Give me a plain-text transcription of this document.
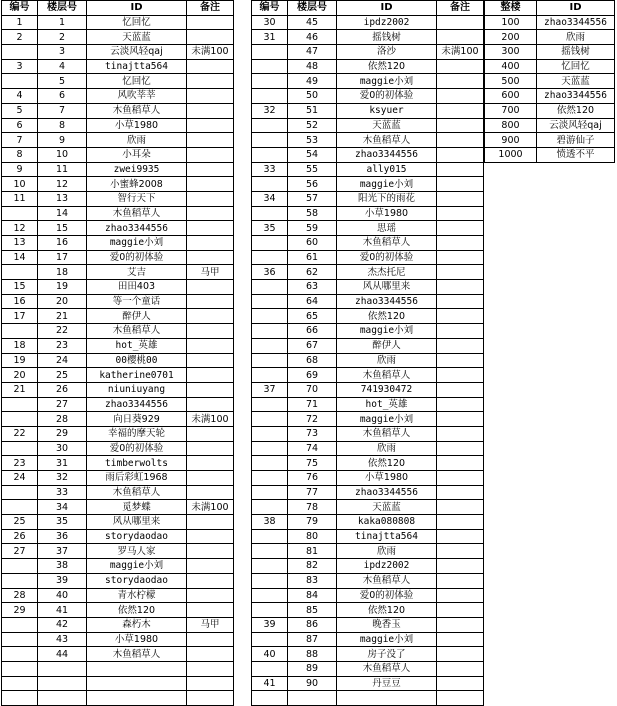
编号	楼层号	ID	备注
1	1	忆回忆	
2	2	天蓝蓝	
	3	云淡风轻qaj	未满100
3	4	tinajtta564	
	5	忆回忆	
4	6	风吹莘莘	
5	7	木鱼稻草人	
6	8	小草1980	
7	9	欣雨	
8	10	小耳朵	
9	11	zwei9935	
10	12	小蜜蜂2008	
11	13	智行天下	
	14	木鱼稻草人	
12	15	zhao3344556	
13	16	maggie小刘	
14	17	爱0的初体验	
	18	艾吉	马甲
15	19	田田403	
16	20	等一个童话	
17	21	醉伊人	
	22	木鱼稻草人	
18	23	hot_英雄	
19	24	00樱桃00	
20	25	katherine0701	
21	26	niuniuyang	
	27	zhao3344556	
	28	向日葵929	未满100
22	29	幸福的摩天轮	
	30	爱0的初体验	
23	31	timberwolts	
24	32	雨后彩虹1968	
	33	木鱼稻草人	
	34	觅梦蝶	未满100
25	35	风从哪里来	
26	36	storydaodao	
27	37	罗马人家	
	38	maggie小刘	
	39	storydaodao	
28	40	青水柠檬	
29	41	依然120	
	42	森朽木	马甲
	43	小草1980	
	44	木鱼稻草人	

编号	楼层号	ID	备注
30	45	ipdz2002	
31	46	摇钱树	
	47	洛沙	未满100
	48	依然120	
	49	maggie小刘	
	50	爱0的初体验	
32	51	ksyuer	
	52	天蓝蓝	
	53	木鱼稻草人	
	54	zhao3344556	
33	55	ally015	
	56	maggie小刘	
34	57	阳光下的雨花	
	58	小草1980	
35	59	思瑶	
	60	木鱼稻草人	
	61	爱0的初体验	
36	62	杰杰托尼	
	63	风从哪里来	
	64	zhao3344556	
	65	依然120	
	66	maggie小刘	
	67	醉伊人	
	68	欣雨	
	69	木鱼稻草人	
37	70	741930472	
	71	hot_英雄	
	72	maggie小刘	
	73	木鱼稻草人	
	74	欣雨	
	75	依然120	
	76	小草1980	
	77	zhao3344556	
	78	天蓝蓝	
38	79	kaka080808	
	80	tinajtta564	
	81	欣雨	
	82	ipdz2002	
	83	木鱼稻草人	
	84	爱0的初体验	
	85	依然120	
39	86	晚香玉	
	87	maggie小刘	
40	88	房子没了	
	89	木鱼稻草人	
41	90	丹豆豆	

整楼	ID
100	zhao3344556
200	欣雨
300	摇钱树
400	忆回忆
500	天蓝蓝
600	zhao3344556
700	依然120
800	云淡风轻qaj
900	碧游仙子
1000	愤透不平
